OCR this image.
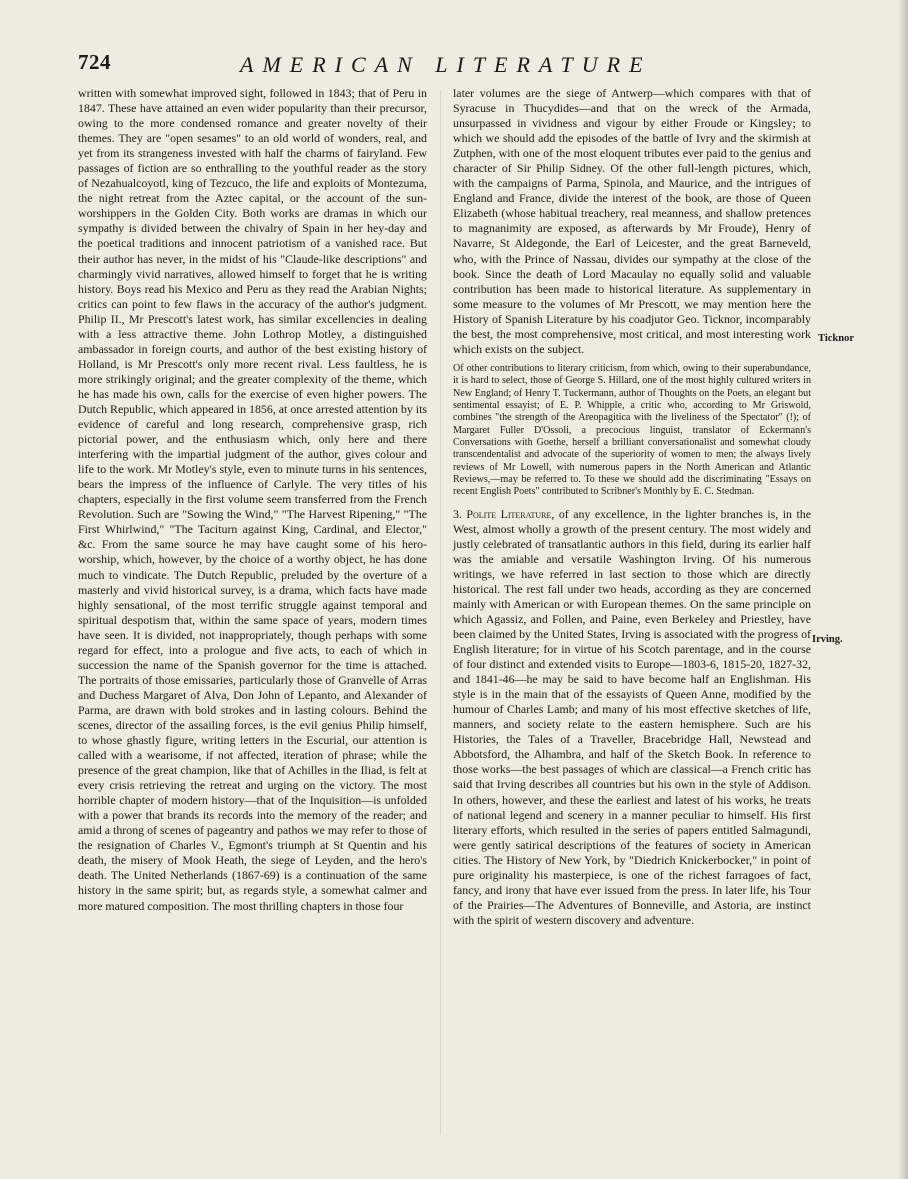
724	AMERICAN LITERATURE

written with somewhat improved sight, followed in 1843; that of Peru in 1847. These have attained an even wider popularity than their precursor, owing to the more condensed romance and greater novelty of their themes. They are "open sesames" to an old world of wonders, real, and yet from its strangeness invested with half the charms of fairyland. Few passages of fiction are so enthralling to the youthful reader as the story of Nezahualcoyotl, king of Tezcuco, the life and exploits of Montezuma, the night retreat from the Aztec capital, or the account of the sun-worshippers in the Golden City. Both works are dramas in which our sympathy is divided between the chivalry of Spain in her hey-day and the poetical traditions and innocent patriotism of a vanished race. But their author has never, in the midst of his "Claude-like descriptions" and charmingly vivid narratives, allowed himself to forget that he is writing history. Boys read his Mexico and Peru as they read the Arabian Nights; critics can point to few flaws in the accuracy of the author's judgment. Philip II., Mr Prescott's latest work, has similar excellencies in dealing with a less attractive theme. John Lothrop Motley, a distinguished ambassador in foreign courts, and author of the best existing history of Holland, is Mr Prescott's only more recent rival. Less faultless, he is more strikingly original; and the greater complexity of the theme, which he has made his own, calls for the exercise of even higher powers. The Dutch Republic, which appeared in 1856, at once arrested attention by its evidence of careful and long research, comprehensive grasp, rich pictorial power, and the enthusiasm which, only here and there interfering with the impartial judgment of the author, gives colour and life to the work. Mr Motley's style, even to minute turns in his sentences, bears the impress of the influence of Carlyle. The very titles of his chapters, especially in the first volume seem transferred from the French Revolution. Such are "Sowing the Wind," "The Harvest Ripening," "The First Whirlwind," "The Taciturn against King, Cardinal, and Elector," &c. From the same source he may have caught some of his hero-worship, which, however, by the choice of a worthy object, he has done much to vindicate. The Dutch Republic, preluded by the overture of a masterly and vivid historical survey, is a drama, which facts have made highly sensational, of the most terrific struggle against temporal and spiritual despotism that, within the same space of years, modern times have seen. It is divided, not inappropriately, though perhaps with some regard for effect, into a prologue and five acts, to each of which in succession the name of the Spanish governor for the time is attached. The portraits of those emissaries, particularly those of Granvelle of Arras and Duchess Margaret of Alva, Don John of Lepanto, and Alexander of Parma, are drawn with bold strokes and in lasting colours. Behind the scenes, director of the assailing forces, is the evil genius Philip himself, to whose ghastly figure, writing letters in the Escurial, our attention is called with a wearisome, if not affected, iteration of phrase; while the presence of the great champion, like that of Achilles in the Iliad, is felt at every crisis retrieving the retreat and urging on the victory. The most horrible chapter of modern history—that of the Inquisition—is unfolded with a power that brands its records into the memory of the reader; and amid a throng of scenes of pageantry and pathos we may refer to those of the resignation of Charles V., Egmont's triumph at St Quentin and his death, the misery of Mook Heath, the siege of Leyden, and the hero's death. The United Netherlands (1867-69) is a continuation of the same history in the same spirit; but, as regards style, a somewhat calmer and more matured composition. The most thrilling chapters in those four

later volumes are the siege of Antwerp—which compares with that of Syracuse in Thucydides—and that on the wreck of the Armada, unsurpassed in vividness and vigour by either Froude or Kingsley; to which we should add the episodes of the battle of Ivry and the skirmish at Zutphen, with one of the most eloquent tributes ever paid to the genius and character of Sir Philip Sidney. Of the other full-length pictures, which, with the campaigns of Parma, Spinola, and Maurice, and the intrigues of England and France, divide the interest of the book, are those of Queen Elizabeth (whose habitual treachery, real meanness, and shallow pretences to magnanimity are exposed, as afterwards by Mr Froude), Henry of Navarre, St Aldegonde, the Earl of Leicester, and the great Barneveld, who, with the Prince of Nassau, divides our sympathy at the close of the book. Since the death of Lord Macaulay no equally solid and valuable contribution has been made to historical literature. As supplementary in some measure to the volumes of Mr Prescott, we may mention here the History of Spanish Literature by his coadjutor Geo. Ticknor, incomparably the best, the most comprehensive, most critical, and most interesting work which exists on the subject.

Of other contributions to literary criticism, from which, owing to their superabundance, it is hard to select, those of George S. Hillard, one of the most highly cultured writers in New England; of Henry T. Tuckermann, author of Thoughts on the Poets, an elegant but sentimental essayist; of E. P. Whipple, a critic who, according to Mr Griswold, combines "the strength of the Areopagitica with the liveliness of the Spectator" (!); of Margaret Fuller D'Ossoli, a precocious linguist, translator of Eckermann's Conversations with Goethe, herself a brilliant conversationalist and somewhat cloudy transcendentalist and advocate of the superiority of women to men; the always lively reviews of Mr Lowell, with numerous papers in the North American and Atlantic Reviews,—may be referred to. To these we should add the discriminating "Essays on recent English Poets" contributed to Scribner's Monthly by E. C. Stedman.

3. Polite Literature, of any excellence, in the lighter branches is, in the West, almost wholly a growth of the present century. The most widely and justly celebrated of transatlantic authors in this field, during its earlier half was the amiable and versatile Washington Irving. Of his numerous writings, we have referred in last section to those which are directly historical. The rest fall under two heads, according as they are concerned mainly with American or with European themes. On the same principle on which Agassiz, and Follen, and Paine, even Berkeley and Priestley, have been claimed by the United States, Irving is associated with the progress of English literature; for in virtue of his Scotch parentage, and in the course of four distinct and extended visits to Europe—1803-6, 1815-20, 1827-32, and 1841-46—he may be said to have become half an Englishman. His style is in the main that of the essayists of Queen Anne, modified by the humour of Charles Lamb; and many of his most effective sketches of life, manners, and society relate to the eastern hemisphere. Such are his Histories, the Tales of a Traveller, Bracebridge Hall, Newstead and Abbotsford, the Alhambra, and half of the Sketch Book. In reference to those works—the best passages of which are classical—a French critic has said that Irving describes all countries but his own in the style of Addison. In others, however, and these the earliest and latest of his works, he treats of national legend and scenery in a manner peculiar to himself. His first literary efforts, which resulted in the series of papers entitled Salmagundi, were gently satirical descriptions of the features of society in American cities. The History of New York, by "Diedrich Knickerbocker," in point of pure originality his masterpiece, is one of the richest farragoes of fact, fancy, and irony that have ever issued from the press. In later life, his Tour of the Prairies—The Adventures of Bonneville, and Astoria, are instinct with the spirit of western discovery and adventure.

Ticknor
Irving.
